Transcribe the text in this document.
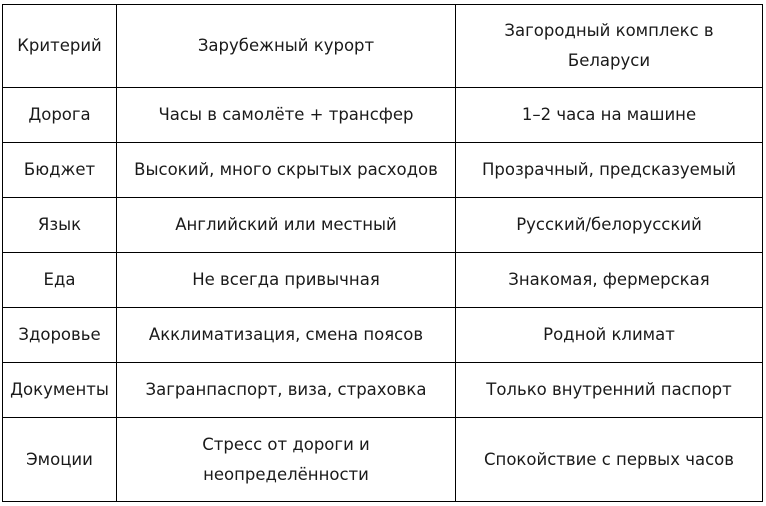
Критерий	Зарубежный курорт	Загородный комплекс в Беларуси
Дорога	Часы в самолёте + трансфер	1–2 часа на машине
Бюджет	Высокий, много скрытых расходов	Прозрачный, предсказуемый
Язык	Английский или местный	Русский/белорусский
Еда	Не всегда привычная	Знакомая, фермерская
Здоровье	Акклиматизация, смена поясов	Родной климат
Документы	Загранпаспорт, виза, страховка	Только внутренний паспорт
Эмоции	Стресс от дороги и неопределённости	Спокойствие с первых часов
